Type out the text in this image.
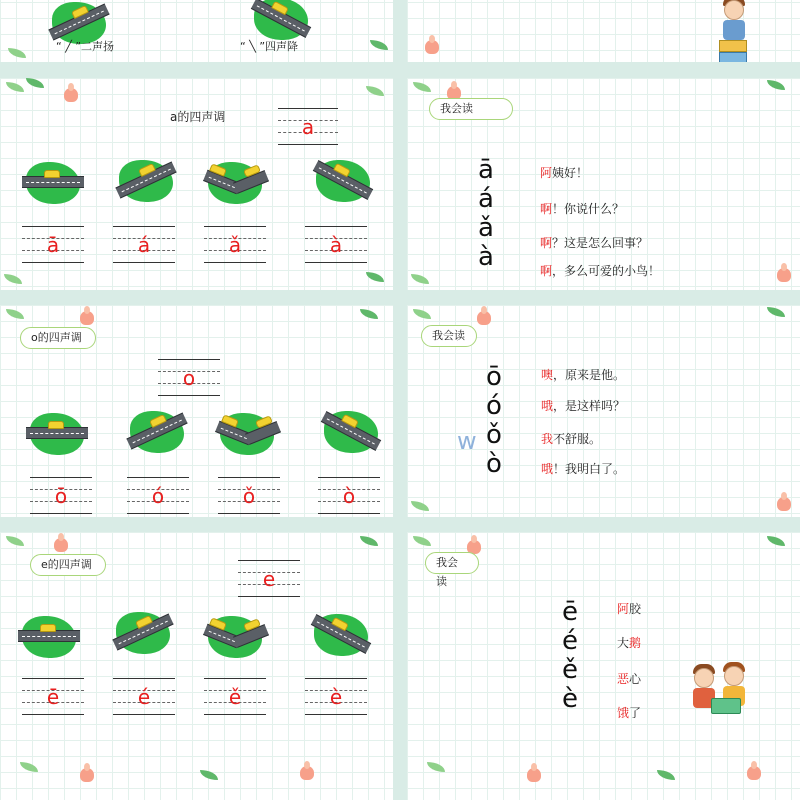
“ ╱ ”二声扬	“ ╲ ”四声降
a的四声调	a
ā	á	ǎ	à
我会读
ā
á
ǎ
à
阿姨好！
啊！你说什么？
啊？这是怎么回事？
啊，多么可爱的小鸟！
o的四声调
o
ō	ó	ǒ	ò
我会读
w
ō
ó
ǒ
ò
噢，原来是他。
哦，是这样吗？
我不舒服。
哦！我明白了。
e的四声调
e
ē	é	ě	è
我会读
ē
é
ě
è
阿胶
大鹅
恶心
饿了
